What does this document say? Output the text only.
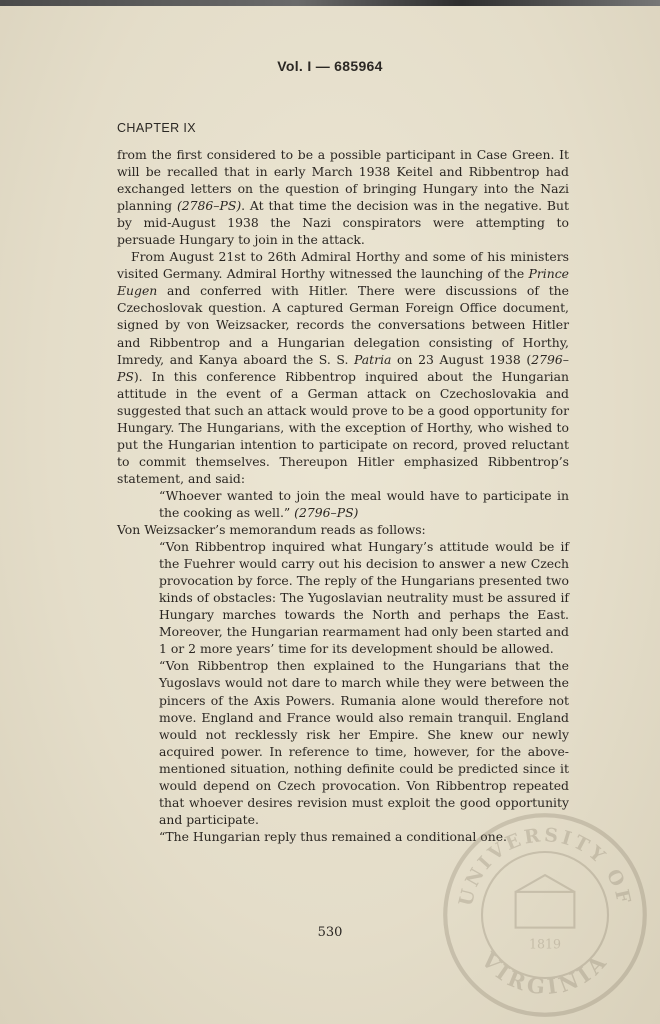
Vol. I — 685964
CHAPTER IX

from the first considered to be a possible participant in Case Green. It will be recalled that in early March 1938 Keitel and Ribbentrop had exchanged letters on the question of bringing Hungary into the Nazi planning (2786–PS). At that time the decision was in the negative. But by mid-August 1938 the Nazi conspirators were attempting to persuade Hungary to join in the attack.

From August 21st to 26th Admiral Horthy and some of his ministers visited Germany. Admiral Horthy witnessed the launching of the Prince Eugen and conferred with Hitler. There were discussions of the Czechoslovak question. A captured German Foreign Office document, signed by von Weizsacker, records the conversations between Hitler and Ribbentrop and a Hungarian delegation consisting of Horthy, Imredy, and Kanya aboard the S. S. Patria on 23 August 1938 (2796–PS). In this conference Ribbentrop inquired about the Hungarian attitude in the event of a German attack on Czechoslovakia and suggested that such an attack would prove to be a good opportunity for Hungary. The Hungarians, with the exception of Horthy, who wished to put the Hungarian intention to participate on record, proved reluctant to commit themselves. Thereupon Hitler emphasized Ribbentrop’s statement, and said:

“Whoever wanted to join the meal would have to participate in the cooking as well.” (2796–PS)

Von Weizsacker’s memorandum reads as follows:

“Von Ribbentrop inquired what Hungary’s attitude would be if the Fuehrer would carry out his decision to answer a new Czech provocation by force. The reply of the Hungarians presented two kinds of obstacles: The Yugoslavian neutrality must be assured if Hungary marches towards the North and perhaps the East. Moreover, the Hungarian rearmament had only been started and 1 or 2 more years’ time for its development should be allowed.

“Von Ribbentrop then explained to the Hungarians that the Yugoslavs would not dare to march while they were between the pincers of the Axis Powers. Rumania alone would therefore not move. England and France would also remain tranquil. England would not recklessly risk her Empire. She knew our newly acquired power. In reference to time, however, for the above-mentioned situation, nothing definite could be predicted since it would depend on Czech provocation. Von Ribbentrop repeated that whoever desires revision must exploit the good opportunity and participate.

“The Hungarian reply thus remained a conditional one.

530
UNIVERSITY OF
VIRGINIA
1819
